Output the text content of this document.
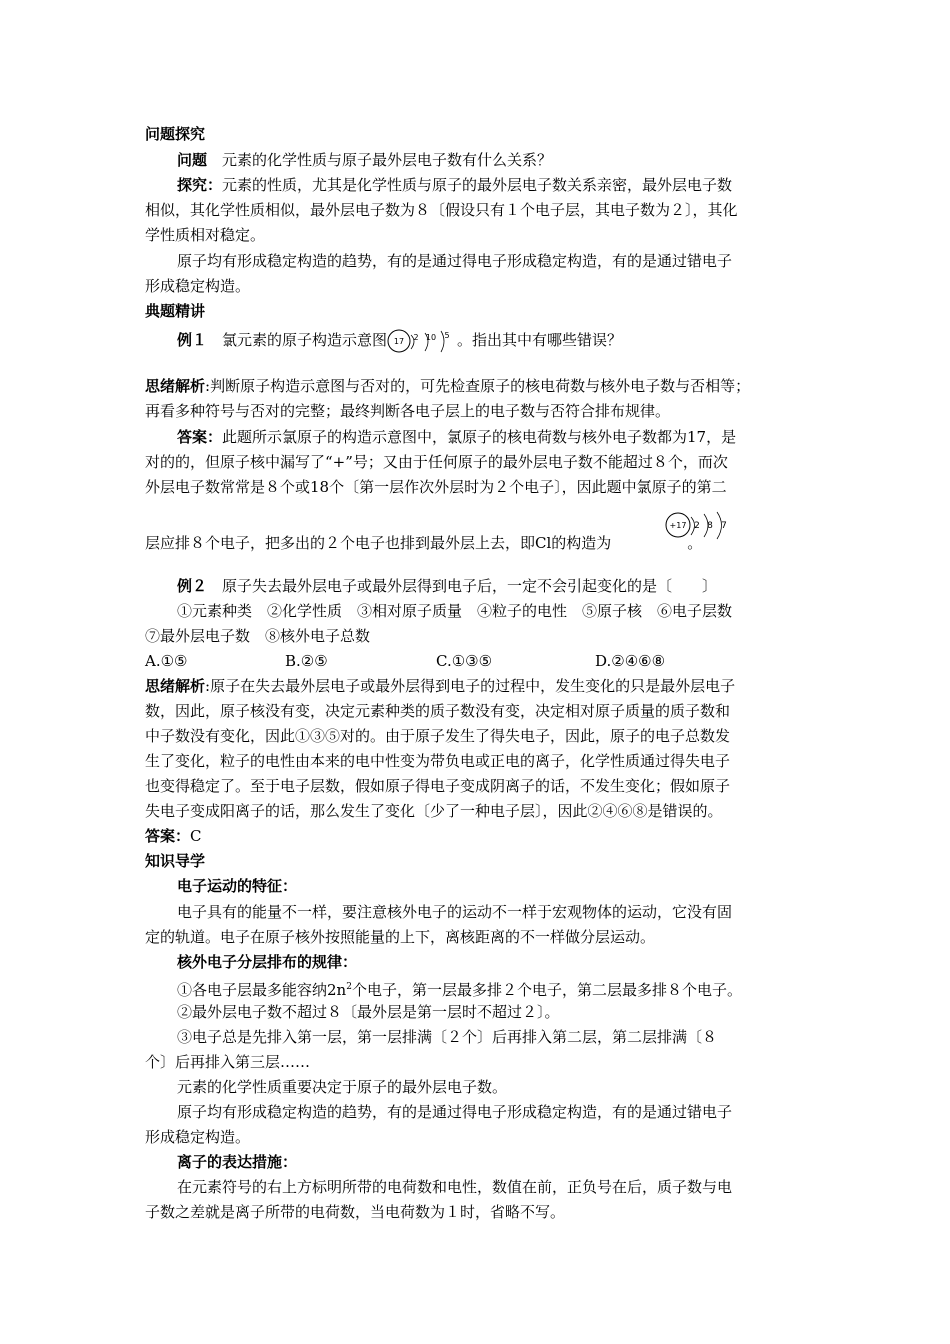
问题探究
问题　元素的化学性质与原子最外层电子数有什么关系？
探究：元素的性质，尤其是化学性质与原子的最外层电子数关系亲密，最外层电子数
相似，其化学性质相似，最外层电子数为８〔假设只有１个电子层，其电子数为２〕，其化
学性质相对稳定。
原子均有形成稳定构造的趋势，有的是通过得电子形成稳定构造，有的是通过错电子
形成稳定构造。
典题精讲
例１　氯元素的原子构造示意图 17 2 10 5 。指出其中有哪些错误？
思绪解析:判断原子构造示意图与否对的，可先检查原子的核电荷数与核外电子数与否相等；
再看多种符号与否对的完整；最终判断各电子层上的电子数与否符合排布规律。
答案：此题所示氯原子的构造示意图中，氯原子的核电荷数与核外电子数都为17，是
对的的，但原子核中漏写了“+”号；又由于任何原子的最外层电子数不能超过８个，而次
外层电子数常常是８个或18个〔第一层作次外层时为２个电子〕，因此题中氯原子的第二
+17 2 8 7
层应排８个电子，把多出的２个电子也排到最外层上去，即Cl的构造为	。
例２　原子失去最外层电子或最外层得到电子后，一定不会引起变化的是〔　　〕
①元素种类　②化学性质　③相对原子质量　④粒子的电性　⑤原子核　⑥电子层数
⑦最外层电子数　⑧核外电子总数
A.①⑤	B.②⑤	C.①③⑤	D.②④⑥⑧
思绪解析:原子在失去最外层电子或最外层得到电子的过程中，发生变化的只是最外层电子
数，因此，原子核没有变，决定元素种类的质子数没有变，决定相对原子质量的质子数和
中子数没有变化，因此①③⑤对的。由于原子发生了得失电子，因此，原子的电子总数发
生了变化，粒子的电性由本来的电中性变为带负电或正电的离子，化学性质通过得失电子
也变得稳定了。至于电子层数，假如原子得电子变成阴离子的话，不发生变化；假如原子
失电子变成阳离子的话，那么发生了变化〔少了一种电子层〕，因此②④⑥⑧是错误的。
答案：C
知识导学
电子运动的特征：
电子具有的能量不一样，要注意核外电子的运动不一样于宏观物体的运动，它没有固
定的轨道。电子在原子核外按照能量的上下，离核距离的不一样做分层运动。
核外电子分层排布的规律：
①各电子层最多能容纳$2n^2$个电子，第一层最多排２个电子，第二层最多排８个电子。
②最外层电子数不超过８〔最外层是第一层时不超过２〕。
③电子总是先排入第一层，第一层排满〔２个〕后再排入第二层，第二层排满〔８
个〕后再排入第三层……
元素的化学性质重要决定于原子的最外层电子数。
原子均有形成稳定构造的趋势，有的是通过得电子形成稳定构造，有的是通过错电子
形成稳定构造。
离子的表达措施：
在元素符号的右上方标明所带的电荷数和电性，数值在前，正负号在后，质子数与电
子数之差就是离子所带的电荷数，当电荷数为１时，省略不写。
